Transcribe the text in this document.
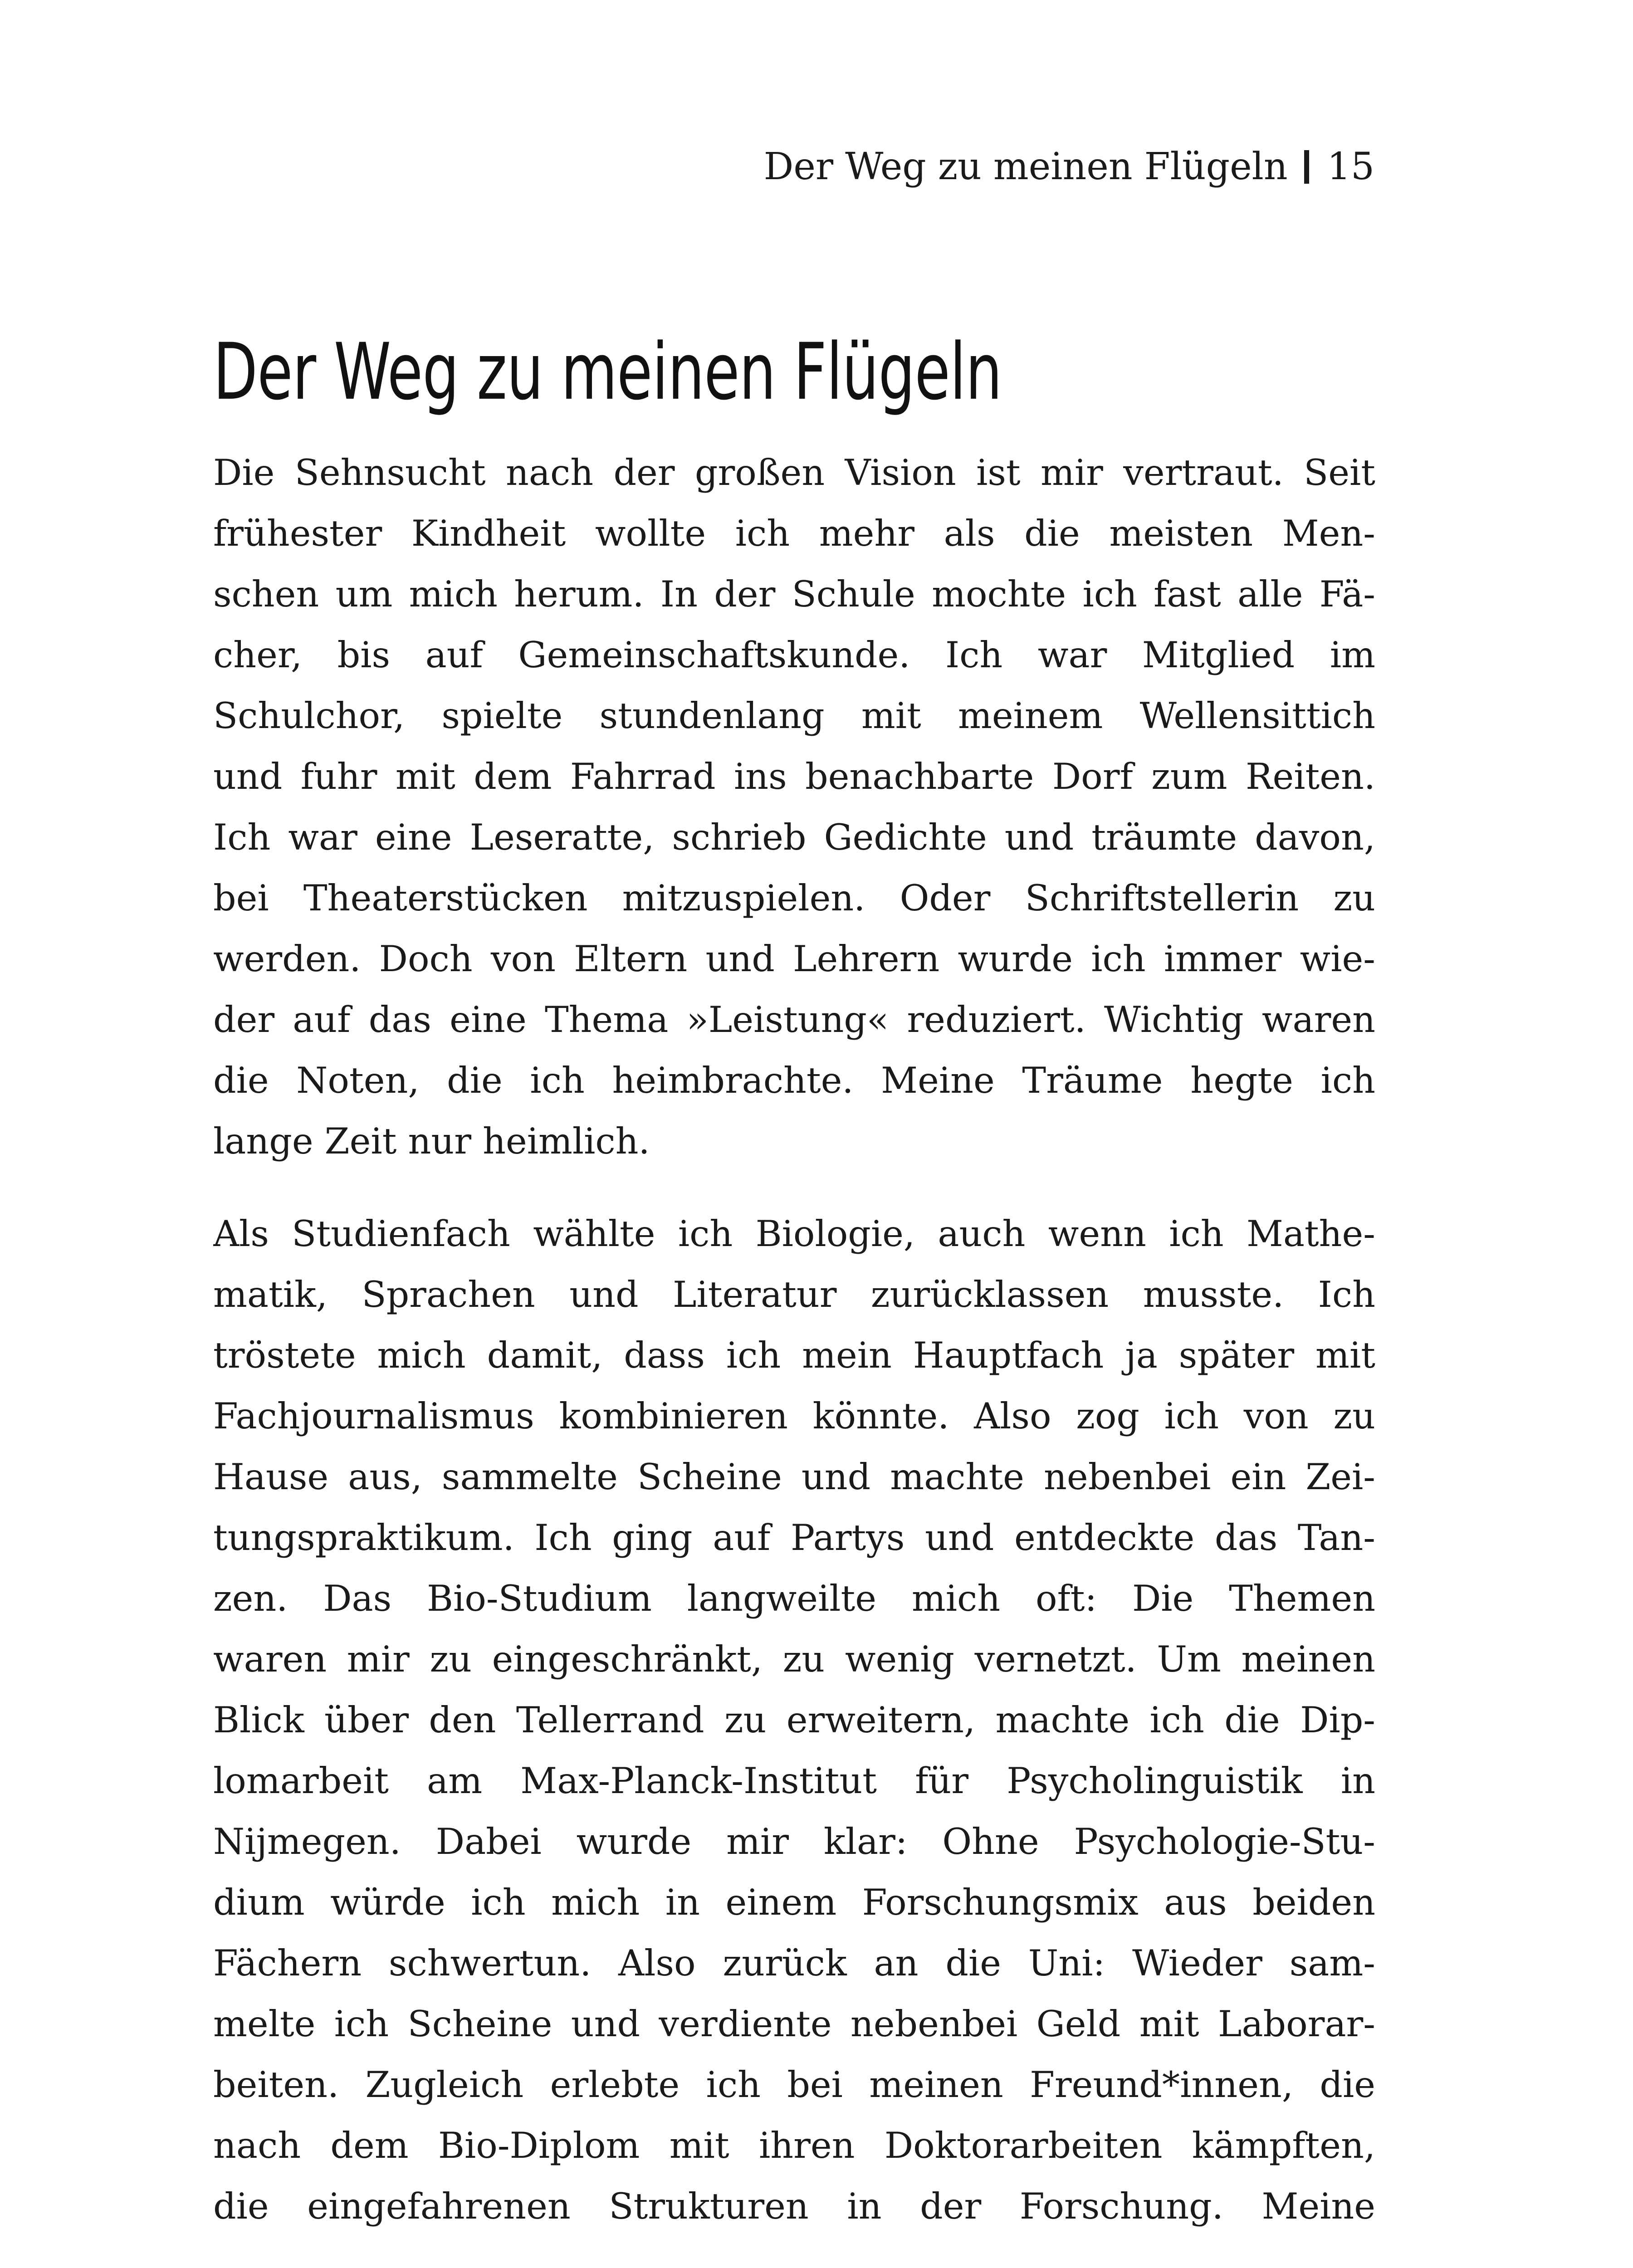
Der Weg zu meinen Flügeln 15
Der Weg zu meinen Flügeln
Die Sehnsucht nach der großen Vision ist mir vertraut. Seit
frühester Kindheit wollte ich mehr als die meisten Men-
schen um mich herum. In der Schule mochte ich fast alle Fä-
cher, bis auf Gemeinschaftskunde. Ich war Mitglied im
Schulchor, spielte stundenlang mit meinem Wellensittich
und fuhr mit dem Fahrrad ins benachbarte Dorf zum Reiten.
Ich war eine Leseratte, schrieb Gedichte und träumte davon,
bei Theaterstücken mitzuspielen. Oder Schriftstellerin zu
werden. Doch von Eltern und Lehrern wurde ich immer wie-
der auf das eine Thema »Leistung« reduziert. Wichtig waren
die Noten, die ich heimbrachte. Meine Träume hegte ich
lange Zeit nur heimlich.
Als Studienfach wählte ich Biologie, auch wenn ich Mathe-
matik, Sprachen und Literatur zurücklassen musste. Ich
tröstete mich damit, dass ich mein Hauptfach ja später mit
Fachjournalismus kombinieren könnte. Also zog ich von zu
Hause aus, sammelte Scheine und machte nebenbei ein Zei-
tungspraktikum. Ich ging auf Partys und entdeckte das Tan-
zen. Das Bio-Studium langweilte mich oft: Die Themen
waren mir zu eingeschränkt, zu wenig vernetzt. Um meinen
Blick über den Tellerrand zu erweitern, machte ich die Dip-
lomarbeit am Max-Planck-Institut für Psycholinguistik in
Nijmegen. Dabei wurde mir klar: Ohne Psychologie-Stu-
dium würde ich mich in einem Forschungsmix aus beiden
Fächern schwertun. Also zurück an die Uni: Wieder sam-
melte ich Scheine und verdiente nebenbei Geld mit Laborar-
beiten. Zugleich erlebte ich bei meinen Freund*innen, die
nach dem Bio-Diplom mit ihren Doktorarbeiten kämpften,
die eingefahrenen Strukturen in der Forschung. Meine
